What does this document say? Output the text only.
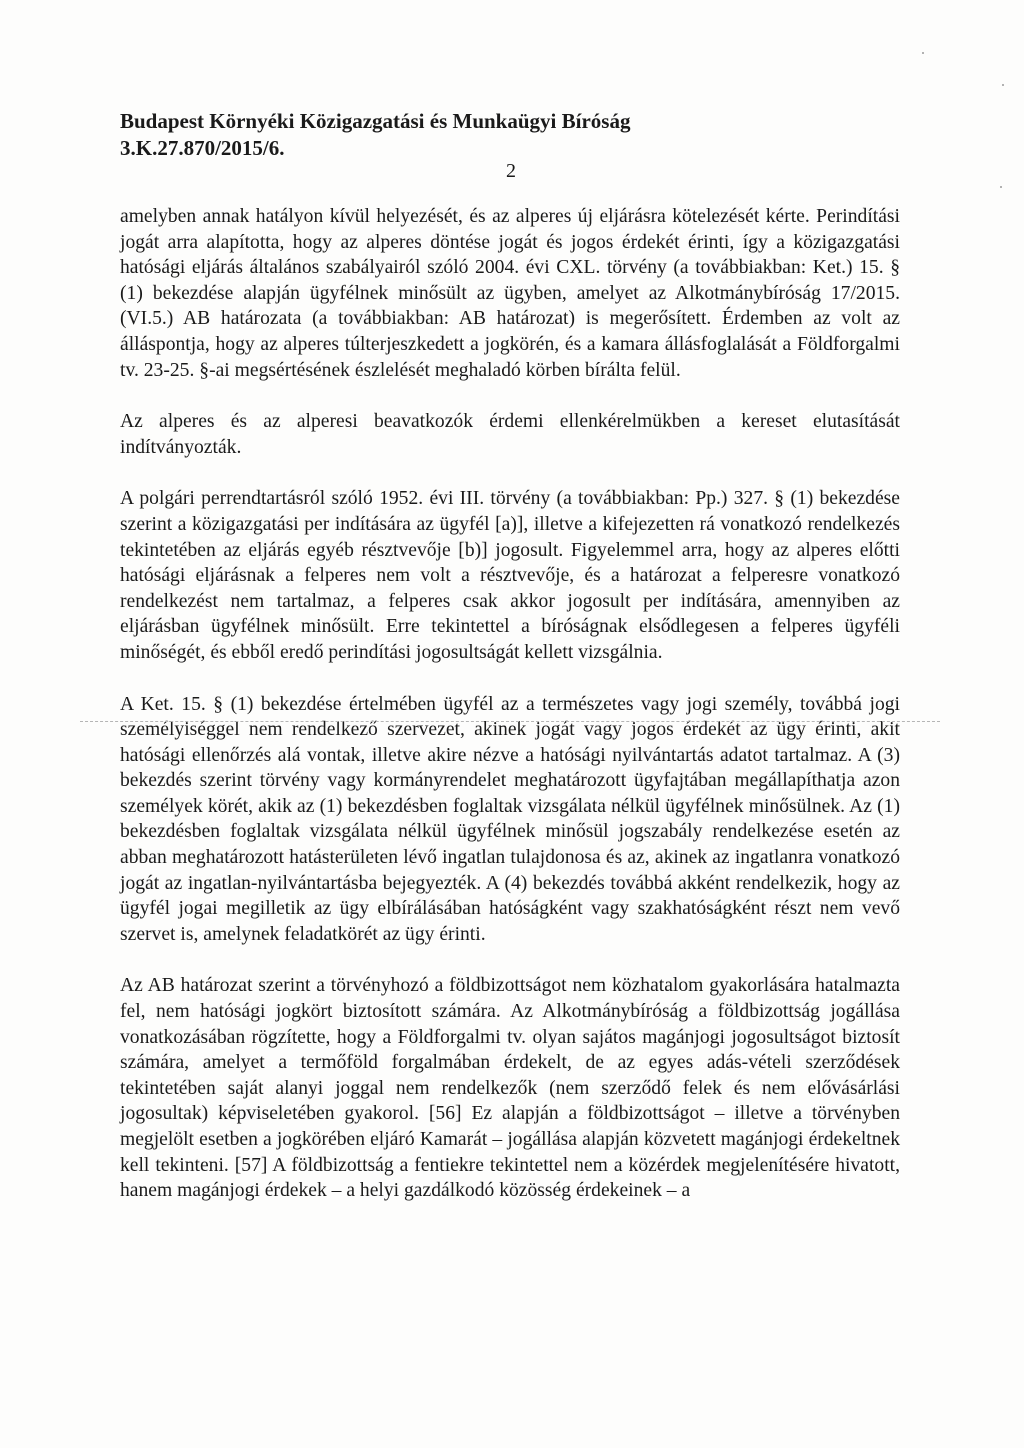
Budapest Környéki Közigazgatási és Munkaügyi Bíróság

3.K.27.870/2015/6.

2

amelyben annak hatályon kívül helyezését, és az alperes új eljárásra kötelezését kérte. Perindítási jogát arra alapította, hogy az alperes döntése jogát és jogos érdekét érinti, így a közigazgatási hatósági eljárás általános szabályairól szóló 2004. évi CXL. törvény (a továbbiakban: Ket.) 15. § (1) bekezdése alapján ügyfélnek minősült az ügyben, amelyet az Alkotmánybíróság 17/2015.(VI.5.) AB határozata (a továbbiakban: AB határozat) is megerősített. Érdemben az volt az álláspontja, hogy az alperes túlterjeszkedett a jogkörén, és a kamara állásfoglalását a Földforgalmi tv. 23-25. §-ai megsértésének észlelését meghaladó körben bírálta felül.

Az alperes és az alperesi beavatkozók érdemi ellenkérelmükben a kereset elutasítását indítványozták.

A polgári perrendtartásról szóló 1952. évi III. törvény (a továbbiakban: Pp.) 327. § (1) bekezdése szerint a közigazgatási per indítására az ügyfél [a)], illetve a kifejezetten rá vonatkozó rendelkezés tekintetében az eljárás egyéb résztvevője [b)] jogosult. Figyelemmel arra, hogy az alperes előtti hatósági eljárásnak a felperes nem volt a résztvevője, és a határozat a felperesre vonatkozó rendelkezést nem tartalmaz, a felperes csak akkor jogosult per indítására, amennyiben az eljárásban ügyfélnek minősült. Erre tekintettel a bíróságnak elsődlegesen a felperes ügyféli minőségét, és ebből eredő perindítási jogosultságát kellett vizsgálnia.

A Ket. 15. § (1) bekezdése értelmében ügyfél az a természetes vagy jogi személy, továbbá jogi személyiséggel nem rendelkező szervezet, akinek jogát vagy jogos érdekét az ügy érinti, akit hatósági ellenőrzés alá vontak, illetve akire nézve a hatósági nyilvántartás adatot tartalmaz. A (3) bekezdés szerint törvény vagy kormányrendelet meghatározott ügyfajtában megállapíthatja azon személyek körét, akik az (1) bekezdésben foglaltak vizsgálata nélkül ügyfélnek minősülnek. Az (1) bekezdésben foglaltak vizsgálata nélkül ügyfélnek minősül jogszabály rendelkezése esetén az abban meghatározott hatásterületen lévő ingatlan tulajdonosa és az, akinek az ingatlanra vonatkozó jogát az ingatlan-nyilvántartásba bejegyezték. A (4) bekezdés továbbá akként rendelkezik, hogy az ügyfél jogai megilletik az ügy elbírálásában hatóságként vagy szakhatóságként részt nem vevő szervet is, amelynek feladatkörét az ügy érinti.

Az AB határozat szerint a törvényhozó a földbizottságot nem közhatalom gyakorlására hatalmazta fel, nem hatósági jogkört biztosított számára. Az Alkotmánybíróság a földbizottság jogállása vonatkozásában rögzítette, hogy a Földforgalmi tv. olyan sajátos magánjogi jogosultságot biztosít számára, amelyet a termőföld forgalmában érdekelt, de az egyes adás-vételi szerződések tekintetében saját alanyi joggal nem rendelkezők (nem szerződő felek és nem elővásárlási jogosultak) képviseletében gyakorol. [56] Ez alapján a földbizottságot – illetve a törvényben megjelölt esetben a jogkörében eljáró Kamarát – jogállása alapján közvetett magánjogi érdekeltnek kell tekinteni. [57] A földbizottság a fentiekre tekintettel nem a közérdek megjelenítésére hivatott, hanem magánjogi érdekek – a helyi gazdálkodó közösség érdekeinek – a
